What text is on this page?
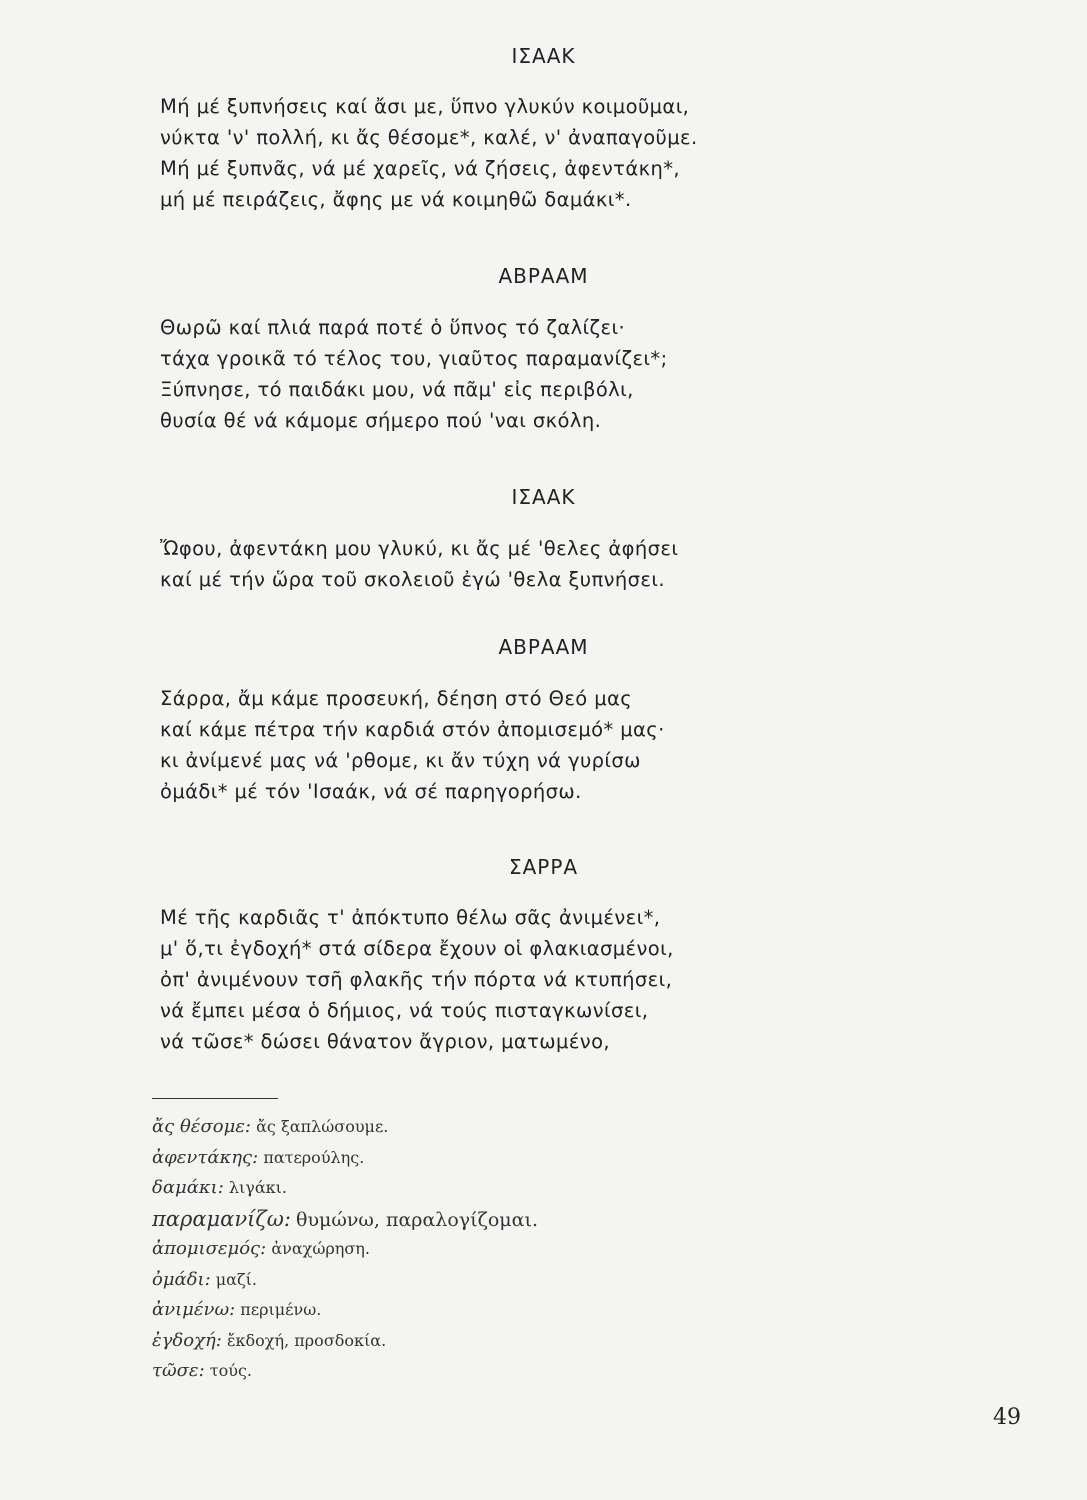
ΙΣΑΑΚ
Μή μέ ξυπνήσεις καί ἄσι με, ὕπνο γλυκύν κοιμοῦμαι,
νύκτα 'ν' πολλή, κι ἄς θέσομε*, καλέ, ν' ἀναπαγοῦμε.
Μή μέ ξυπνᾶς, νά μέ χαρεῖς, νά ζήσεις, ἀφεντάκη*,
μή μέ πειράζεις, ἄφης με νά κοιμηθῶ δαμάκι*.
ΑΒΡΑΑΜ
Θωρῶ καί πλιά παρά ποτέ ὁ ὕπνος τό ζαλίζει·
τάχα γροικᾶ τό τέλος του, γιαῦτος παραμανίζει*;
Ξύπνησε, τό παιδάκι μου, νά πᾶμ' εἰς περιβόλι,
θυσία θέ νά κάμομε σήμερο πού 'ναι σκόλη.
ΙΣΑΑΚ
Ὤφου, ἀφεντάκη μου γλυκύ, κι ἄς μέ 'θελες ἀφήσει
καί μέ τήν ὥρα τοῦ σκολειοῦ ἐγώ 'θελα ξυπνήσει.
ΑΒΡΑΑΜ
Σάρρα, ἄμ κάμε προσευκή, δέηση στό Θεό μας
καί κάμε πέτρα τήν καρδιά στόν ἀπομισεμό* μας·
κι ἀνίμενέ μας νά 'ρθομε, κι ἄν τύχη νά γυρίσω
ὀμάδι* μέ τόν 'Ισαάκ, νά σέ παρηγορήσω.
ΣΑΡΡΑ
Μέ τῆς καρδιᾶς τ' ἀπόκτυπο θέλω σᾶς ἀνιμένει*,
μ' ὅ,τι ἐγδοχή* στά σίδερα ἔχουν οἱ φλακιασμένοι,
ὀπ' ἀνιμένουν τσῆ φλακῆς τήν πόρτα νά κτυπήσει,
νά ἔμπει μέσα ὁ δήμιος, νά τούς πισταγκωνίσει,
νά τῶσε* δώσει θάνατον ἄγριον, ματωμένο,
ἄς θέσομε: ἄς ξαπλώσουμε.
ἀφεντάκης: πατερούλης.
δαμάκι: λιγάκι.
παραμανίζω: θυμώνω, παραλογίζομαι.
ἀπομισεμός: ἀναχώρηση.
ὀμάδι: μαζί.
ἀνιμένω: περιμένω.
ἐγδοχή: ἔκδοχή, προσδοκία.
τῶσε: τούς.
49
